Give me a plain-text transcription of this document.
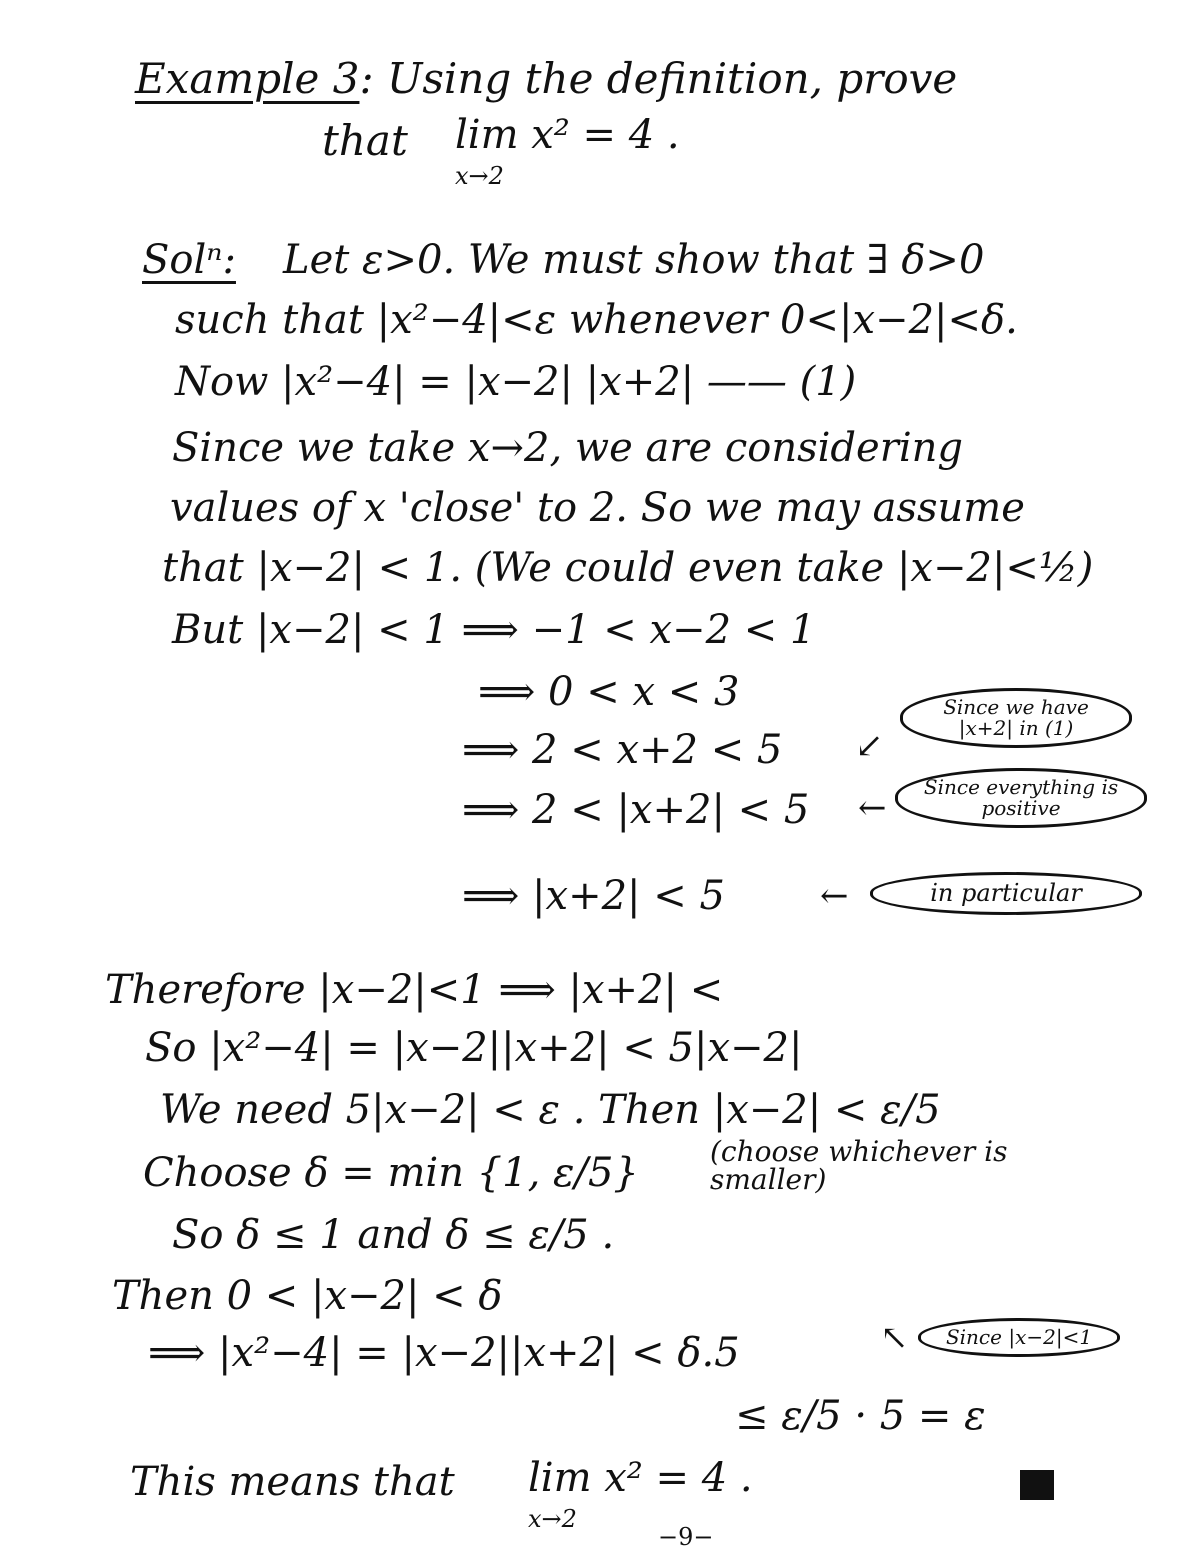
Example 3: Using the definition, prove
that lim x² = 4 .
x→2
Solⁿ: Let ε>0. We must show that ∃ δ>0
such that |x²−4|<ε whenever 0<|x−2|<δ.
Now |x²−4| = |x−2| |x+2| —— (1)
Since we take x→2, we are considering
values of x 'close' to 2. So we may assume
that |x−2| < 1. (We could even take |x−2|<½)
But |x−2| < 1 ⟹ −1 < x−2 < 1
⟹ 0 < x < 3
⟹ 2 < x+2 < 5
⟹ 2 < |x+2| < 5
⟹ |x+2| < 5
↙
Since we have |x+2| in (1)
←
Since everything is positive
←	in particular
Therefore |x−2|<1 ⟹ |x+2| <
So |x²−4| = |x−2||x+2| < 5|x−2|
We need 5|x−2| < ε . Then |x−2| < ε/5
Choose δ = min {1, ε/5}	(choose whichever is smaller)
So δ ≤ 1 and δ ≤ ε/5 .
Then 0 < |x−2| < δ
⟹ |x²−4| = |x−2||x+2| < δ.5	↖	Since |x−2|<1
≤ ε/5 · 5 = ε
This means that lim x² = 4 .
x→2
−9−
